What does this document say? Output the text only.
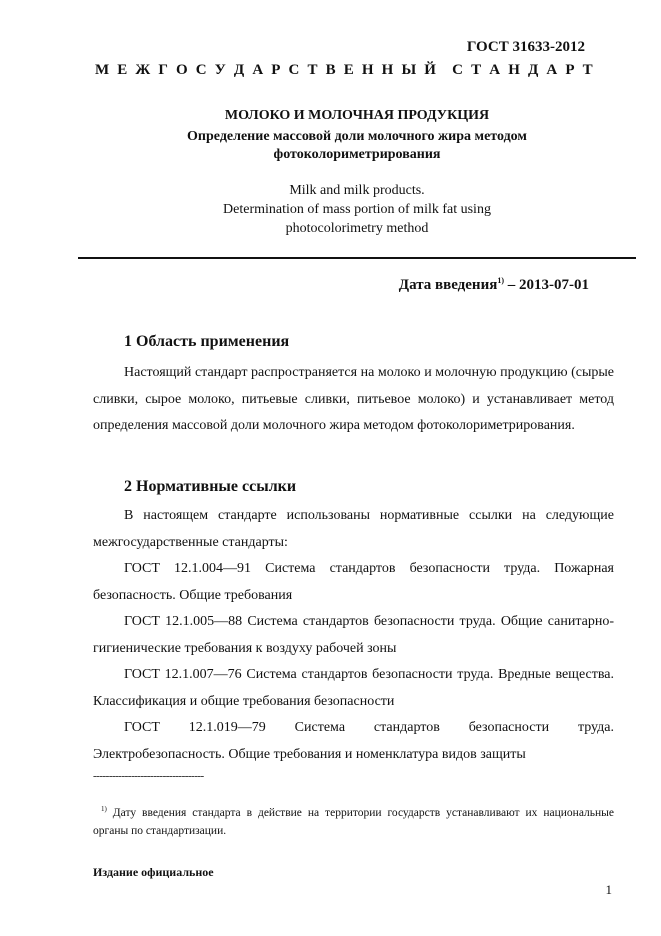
ГОСТ 31633-2012
М Е Ж Г О С У Д А Р С Т В Е Н Н Ы Й С Т А Н Д А Р Т
МОЛОКО И МОЛОЧНАЯ ПРОДУКЦИЯ
Определение массовой доли молочного жира методом
фотоколориметрирования
Milk and milk products.
Determination of mass portion of milk fat using
photocolorimetry method
Дата введения$^{1)}$ – 2013-07-01
1 Область применения
Настоящий стандарт распространяется на молоко и молочную продукцию (сырые сливки, сырое молоко, питьевые сливки, питьевое молоко) и устанавливает метод определения массовой доли молочного жира методом фотоколориметрирования.
2 Нормативные ссылки
В настоящем стандарте использованы нормативные ссылки на следующие межгосударственные стандарты:
ГОСТ 12.1.004—91 Система стандартов безопасности труда. Пожарная безопасность. Общие требования
ГОСТ 12.1.005—88 Система стандартов безопасности труда. Общие санитарно-гигиенические требования к воздуху рабочей зоны
ГОСТ 12.1.007—76 Система стандартов безопасности труда. Вредные вещества. Классификация и общие требования безопасности
ГОСТ 12.1.019—79 Система стандартов безопасности труда. Электробезопасность. Общие требования и номенклатура видов защиты
-----------------------------------
$^{1)}$ Дату введения стандарта в действие на территории государств устанавливают их национальные органы по стандартизации.
Издание официальное
1
